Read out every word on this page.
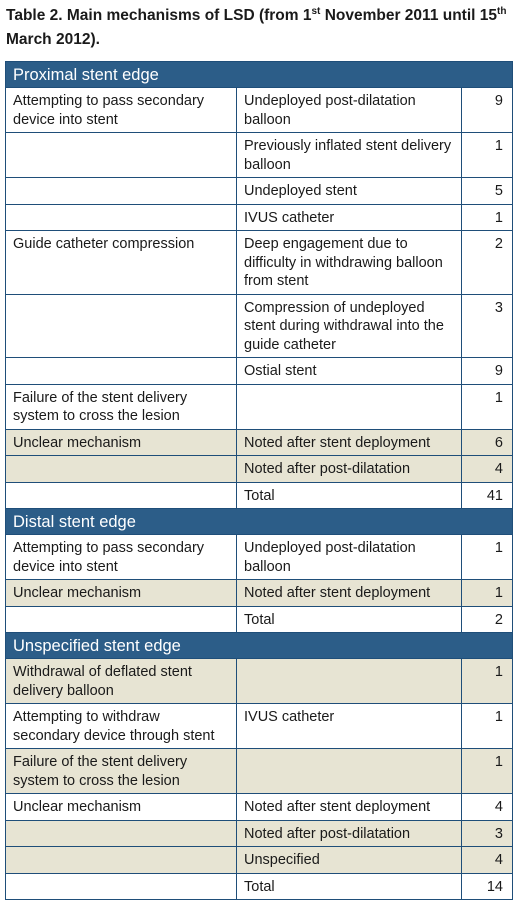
Table 2. Main mechanisms of LSD (from 1st November 2011 until 15th March 2012).
Proximal stent edge		
Attempting to pass secondary device into stent	Undeployed post-dilatation balloon	9
	Previously inflated stent delivery balloon	1
	Undeployed stent	5
	IVUS catheter	1
Guide catheter compression	Deep engagement due to difficulty in withdrawing balloon from stent	2
	Compression of undeployed stent during withdrawal into the guide catheter	3
	Ostial stent	9
Failure of the stent delivery system to cross the lesion		1
Unclear mechanism	Noted after stent deployment	6
	Noted after post-dilatation	4
	Total	41
Distal stent edge		
Attempting to pass secondary device into stent	Undeployed post-dilatation balloon	1
Unclear mechanism	Noted after stent deployment	1
	Total	2
Unspecified stent edge		
Withdrawal of deflated stent delivery balloon		1
Attempting to withdraw secondary device through stent	IVUS catheter	1
Failure of the stent delivery system to cross the lesion		1
Unclear mechanism	Noted after stent deployment	4
	Noted after post-dilatation	3
	Unspecified	4
	Total	14
